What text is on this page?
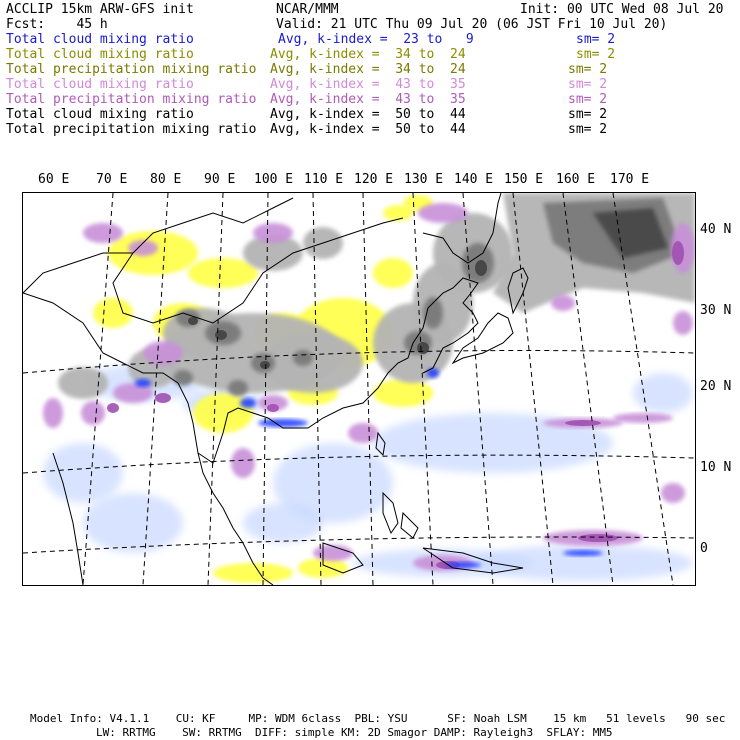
ACCLIP 15km ARW-GFS init	NCAR/MMM	Init: 00 UTC Wed 08 Jul 20
Fcst:    45 h	Valid: 21 UTC Thu 09 Jul 20 (06 JST Fri 10 Jul 20)
Total cloud mixing ratio	Avg, k-index =  23 to   9	sm= 2
Total cloud mixing ratio	Avg, k-index =  34 to  24	sm= 2
Total precipitation mixing ratio Avg, k-index =  34 to  24	sm= 2
Total cloud mixing ratio	Avg, k-index =  43 to  35	sm= 2
Total precipitation mixing ratio Avg, k-index =  43 to  35	sm= 2
Total cloud mixing ratio	Avg, k-index =  50 to  44	sm= 2
Total precipitation mixing ratio Avg, k-index =  50 to  44	sm= 2
60 E 70 E 80 E 90 E 100 E 110 E 120 E 130 E 140 E 150 E 160 E 170 E
40 N
30 N
20 N
10 N
0
Model Info: V4.1.1    CU: KF     MP: WDM 6class  PBL: YSU      SF: Noah LSM    15 km   51 levels   90 sec
LW: RRTMG    SW: RRTMG  DIFF: simple KM: 2D Smagor DAMP: Rayleigh3  SFLAY: MM5
